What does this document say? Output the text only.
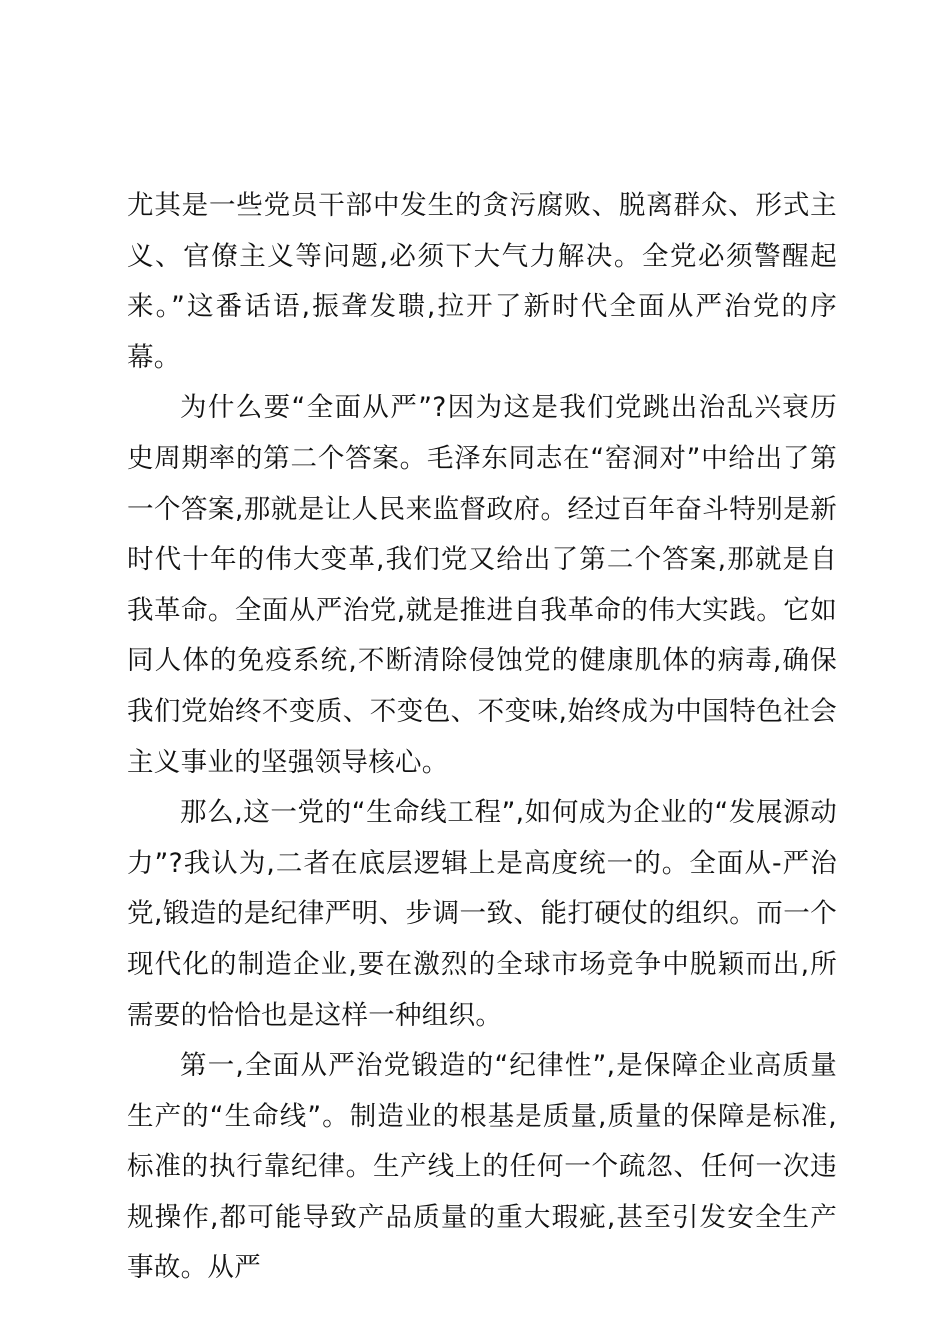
尤其是一些党员干部中发生的贪污腐败、脱离群众、形式主义、官僚主义等问题,必须下大气力解决。全党必须警醒起来。”这番话语,振聋发聩,拉开了新时代全面从严治党的序幕。

为什么要“全面从严”?因为这是我们党跳出治乱兴衰历史周期率的第二个答案。毛泽东同志在“窑洞对”中给出了第一个答案,那就是让人民来监督政府。经过百年奋斗特别是新时代十年的伟大变革,我们党又给出了第二个答案,那就是自我革命。全面从严治党,就是推进自我革命的伟大实践。它如同人体的免疫系统,不断清除侵蚀党的健康肌体的病毒,确保我们党始终不变质、不变色、不变味,始终成为中国特色社会主义事业的坚强领导核心。

那么,这一党的“生命线工程”,如何成为企业的“发展源动力”?我认为,二者在底层逻辑上是高度统一的。全面从-严治党,锻造的是纪律严明、步调一致、能打硬仗的组织。而一个现代化的制造企业,要在激烈的全球市场竞争中脱颖而出,所需要的恰恰也是这样一种组织。

第一,全面从严治党锻造的“纪律性”,是保障企业高质量生产的“生命线”。制造业的根基是质量,质量的保障是标准,标准的执行靠纪律。生产线上的任何一个疏忽、任何一次违规操作,都可能导致产品质量的重大瑕疵,甚至引发安全生产事故。从严
